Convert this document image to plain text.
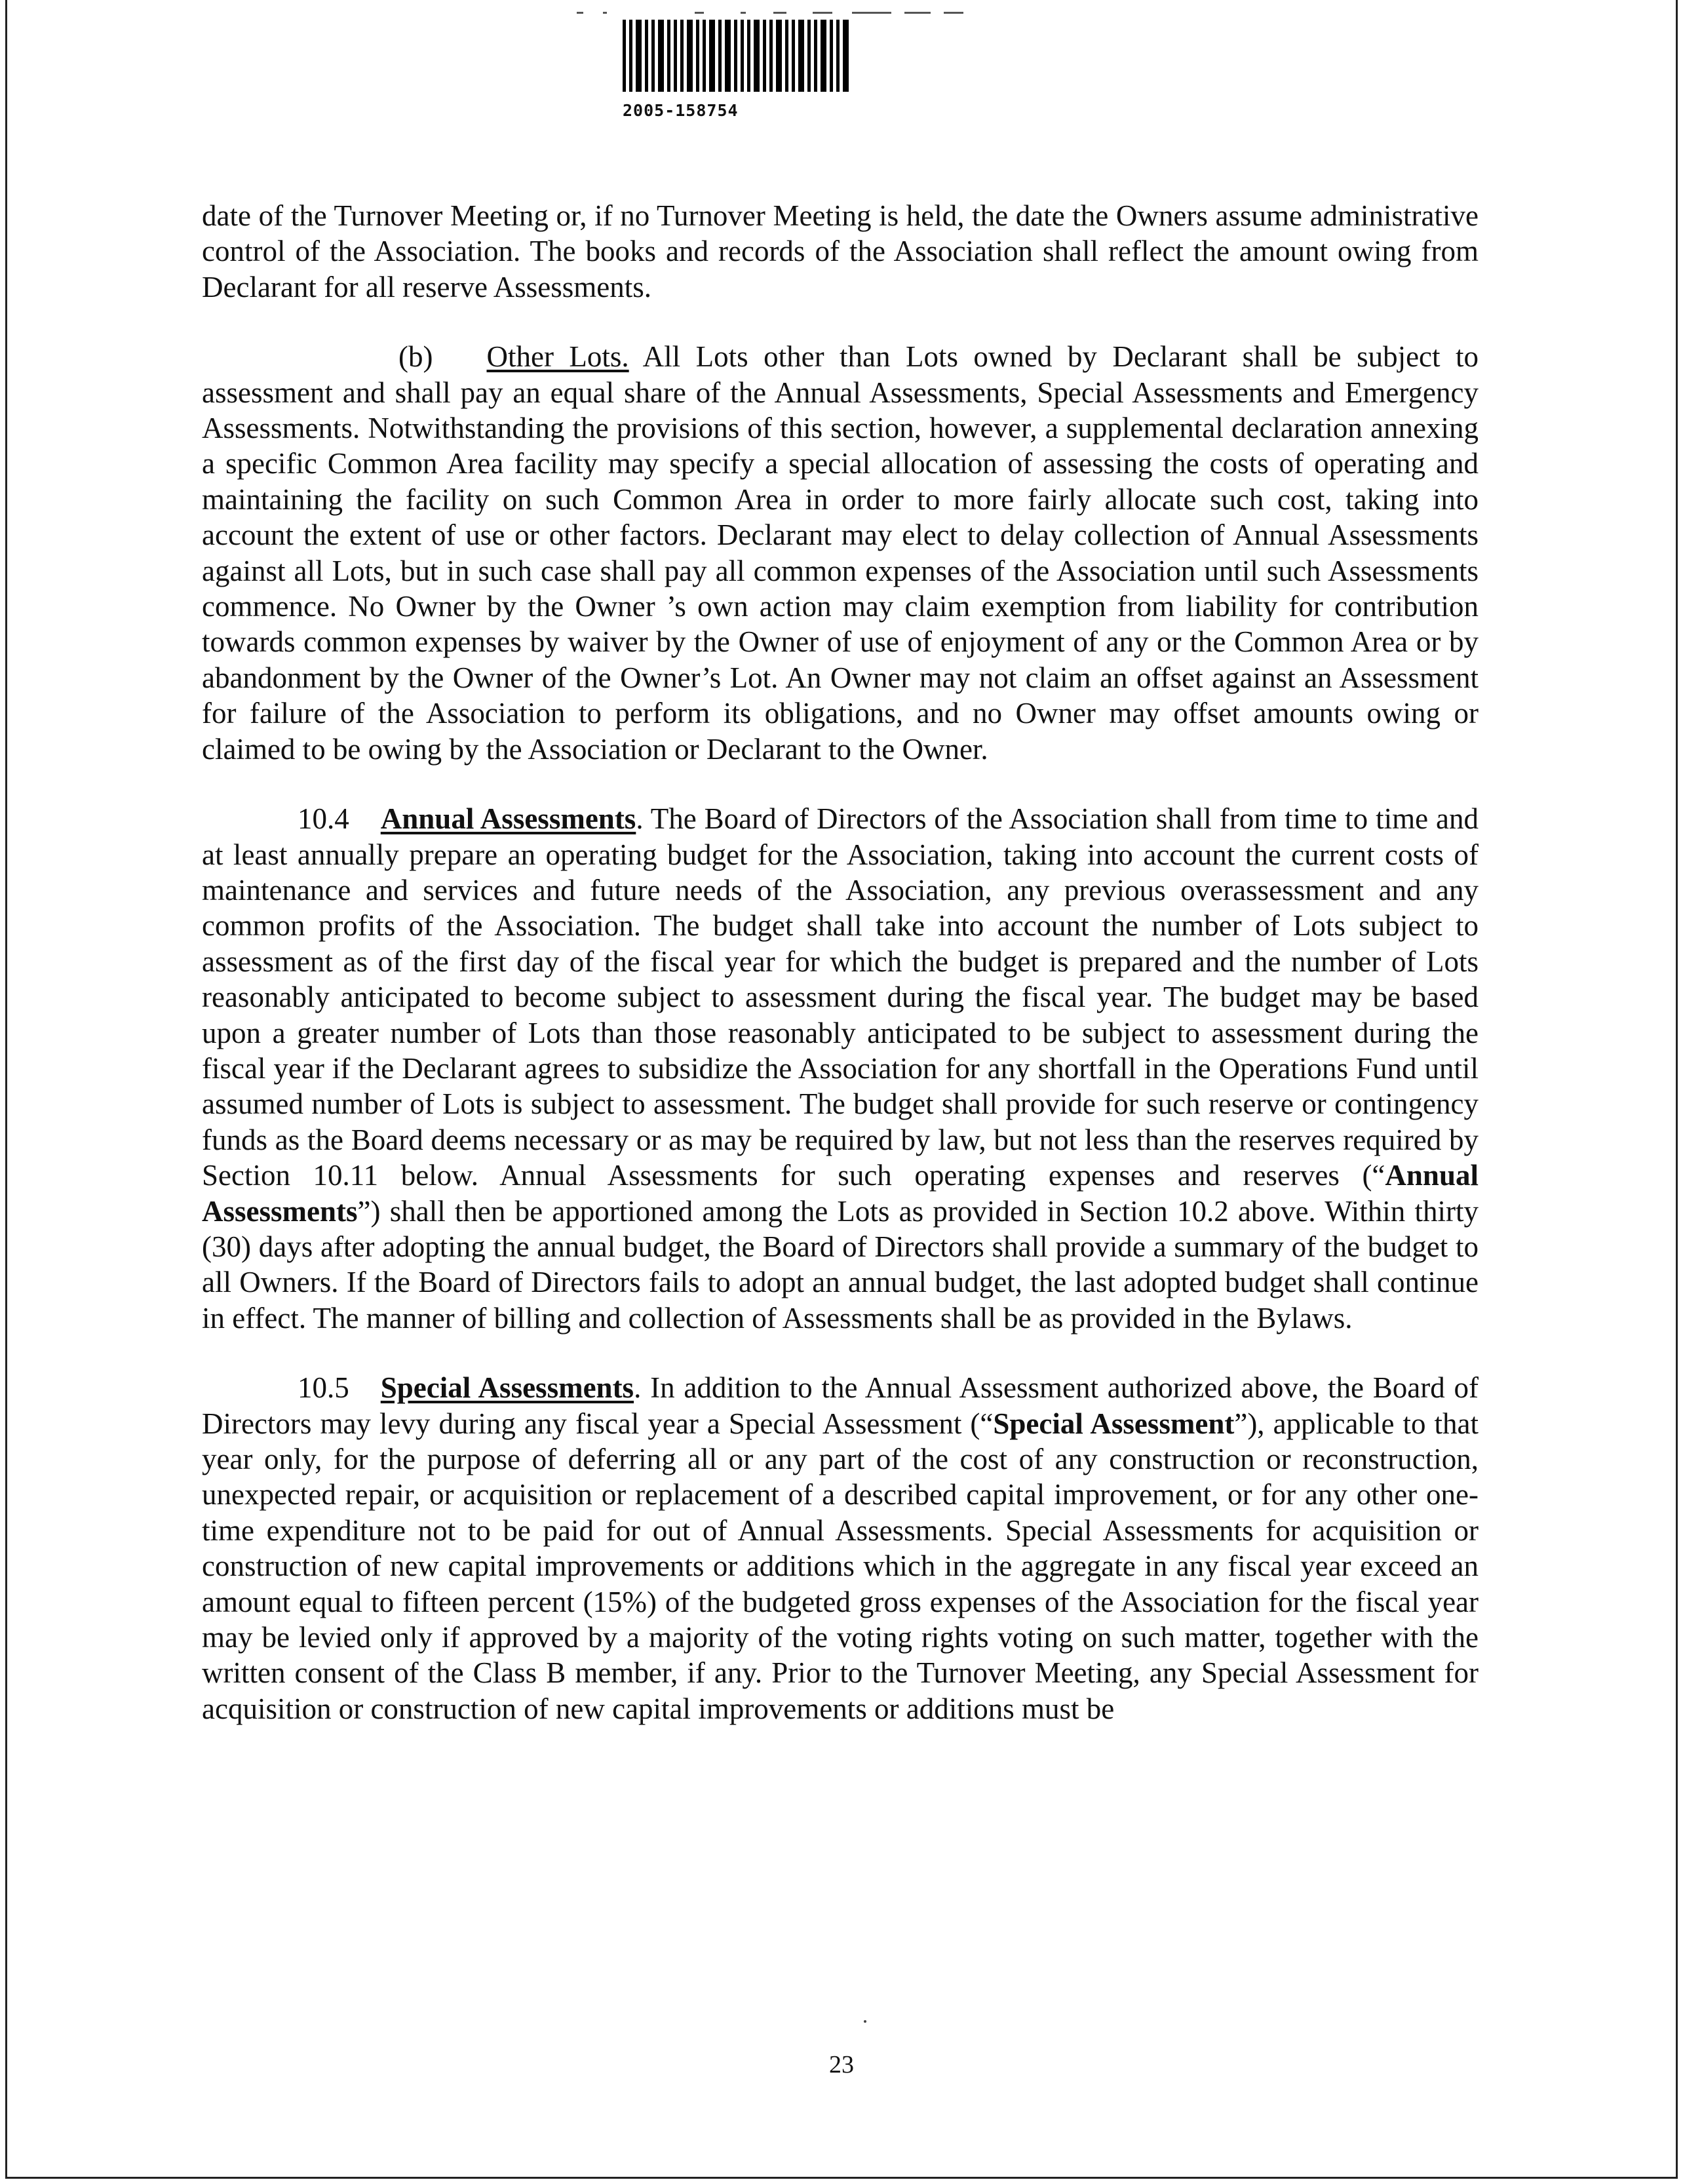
2005-158754

date of the Turnover Meeting or, if no Turnover Meeting is held, the date the Owners assume administrative control of the Association. The books and records of the Association shall reflect the amount owing from Declarant for all reserve Assessments.

(b) Other Lots. All Lots other than Lots owned by Declarant shall be subject to assessment and shall pay an equal share of the Annual Assessments, Special Assessments and Emergency Assessments. Notwithstanding the provisions of this section, however, a supplemental declaration annexing a specific Common Area facility may specify a special allocation of assessing the costs of operating and maintaining the facility on such Common Area in order to more fairly allocate such cost, taking into account the extent of use or other factors. Declarant may elect to delay collection of Annual Assessments against all Lots, but in such case shall pay all common expenses of the Association until such Assessments commence. No Owner by the Owner ’s own action may claim exemption from liability for contribution towards common expenses by waiver by the Owner of use of enjoyment of any or the Common Area or by abandonment by the Owner of the Owner’s Lot. An Owner may not claim an offset against an Assessment for failure of the Association to perform its obligations, and no Owner may offset amounts owing or claimed to be owing by the Association or Declarant to the Owner.

10.4 Annual Assessments. The Board of Directors of the Association shall from time to time and at least annually prepare an operating budget for the Association, taking into account the current costs of maintenance and services and future needs of the Association, any previous overassessment and any common profits of the Association. The budget shall take into account the number of Lots subject to assessment as of the first day of the fiscal year for which the budget is prepared and the number of Lots reasonably anticipated to become subject to assessment during the fiscal year. The budget may be based upon a greater number of Lots than those reasonably anticipated to be subject to assessment during the fiscal year if the Declarant agrees to subsidize the Association for any shortfall in the Operations Fund until assumed number of Lots is subject to assessment. The budget shall provide for such reserve or contingency funds as the Board deems necessary or as may be required by law, but not less than the reserves required by Section 10.11 below. Annual Assessments for such operating expenses and reserves (“Annual Assessments”) shall then be apportioned among the Lots as provided in Section 10.2 above. Within thirty (30) days after adopting the annual budget, the Board of Directors shall provide a summary of the budget to all Owners. If the Board of Directors fails to adopt an annual budget, the last adopted budget shall continue in effect. The manner of billing and collection of Assessments shall be as provided in the Bylaws.

10.5 Special Assessments. In addition to the Annual Assessment authorized above, the Board of Directors may levy during any fiscal year a Special Assessment (“Special Assessment”), applicable to that year only, for the purpose of deferring all or any part of the cost of any construction or reconstruction, unexpected repair, or acquisition or replacement of a described capital improvement, or for any other one-time expenditure not to be paid for out of Annual Assessments. Special Assessments for acquisition or construction of new capital improvements or additions which in the aggregate in any fiscal year exceed an amount equal to fifteen percent (15%) of the budgeted gross expenses of the Association for the fiscal year may be levied only if approved by a majority of the voting rights voting on such matter, together with the written consent of the Class B member, if any. Prior to the Turnover Meeting, any Special Assessment for acquisition or construction of new capital improvements or additions must be

23
